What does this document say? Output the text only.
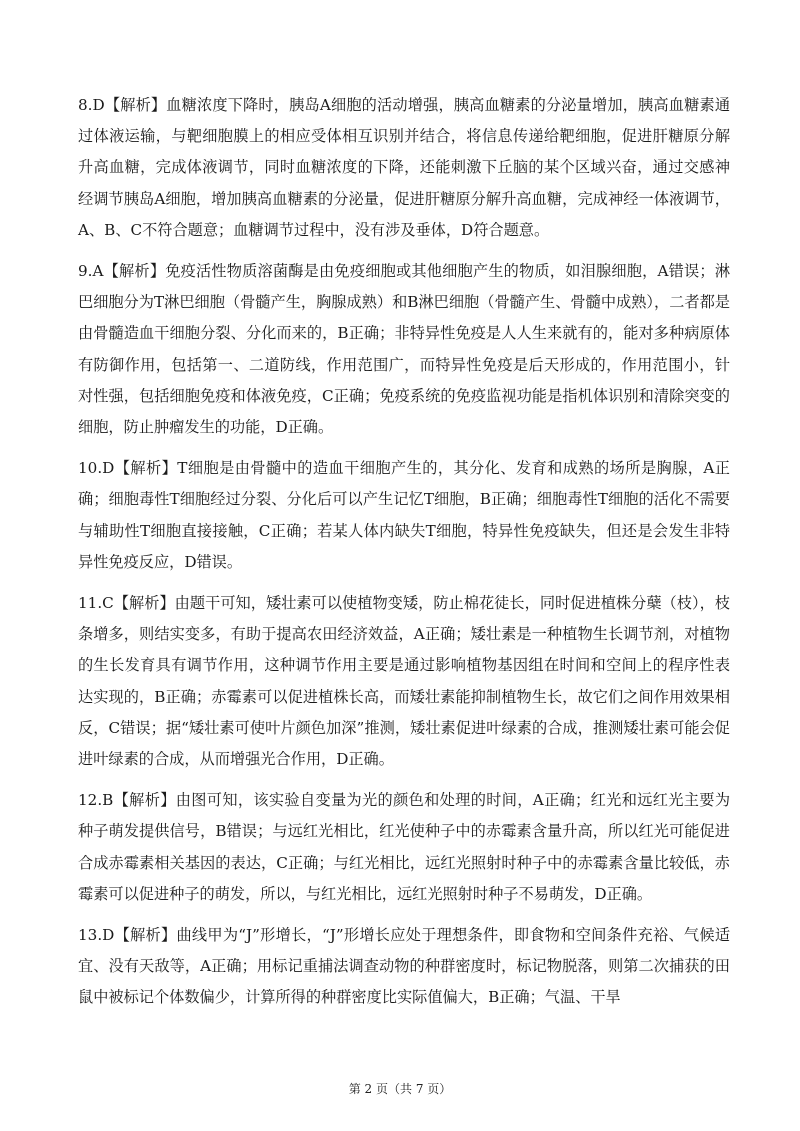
8.D【解析】血糖浓度下降时，胰岛A细胞的活动增强，胰高血糖素的分泌量增加，胰高血糖素通过体液运输，与靶细胞膜上的相应受体相互识别并结合，将信息传递给靶细胞，促进肝糖原分解升高血糖，完成体液调节，同时血糖浓度的下降，还能刺激下丘脑的某个区域兴奋，通过交感神经调节胰岛A细胞，增加胰高血糖素的分泌量，促进肝糖原分解升高血糖，完成神经一体液调节，A、B、C不符合题意；血糖调节过程中，没有涉及垂体，D符合题意。

9.A【解析】免疫活性物质溶菌酶是由免疫细胞或其他细胞产生的物质，如泪腺细胞，A错误；淋巴细胞分为T淋巴细胞（骨髓产生，胸腺成熟）和B淋巴细胞（骨髓产生、骨髓中成熟），二者都是由骨髓造血干细胞分裂、分化而来的，B正确；非特异性免疫是人人生来就有的，能对多种病原体有防御作用，包括第一、二道防线，作用范围广，而特异性免疫是后天形成的，作用范围小，针对性强，包括细胞免疫和体液免疫，C正确；免疫系统的免疫监视功能是指机体识别和清除突变的细胞，防止肿瘤发生的功能，D正确。

10.D【解析】T细胞是由骨髓中的造血干细胞产生的，其分化、发育和成熟的场所是胸腺，A正确；细胞毒性T细胞经过分裂、分化后可以产生记忆T细胞，B正确；细胞毒性T细胞的活化不需要与辅助性T细胞直接接触，C正确；若某人体内缺失T细胞，特异性免疫缺失，但还是会发生非特异性免疫反应，D错误。

11.C【解析】由题干可知，矮壮素可以使植物变矮，防止棉花徒长，同时促进植株分蘖（枝），枝条增多，则结实变多，有助于提高农田经济效益，A正确；矮壮素是一种植物生长调节剂，对植物的生长发育具有调节作用，这种调节作用主要是通过影响植物基因组在时间和空间上的程序性表达实现的，B正确；赤霉素可以促进植株长高，而矮壮素能抑制植物生长，故它们之间作用效果相反，C错误；据“矮壮素可使叶片颜色加深”推测，矮壮素促进叶绿素的合成，推测矮壮素可能会促进叶绿素的合成，从而增强光合作用，D正确。

12.B【解析】由图可知，该实验自变量为光的颜色和处理的时间，A正确；红光和远红光主要为种子萌发提供信号，B错误；与远红光相比，红光使种子中的赤霉素含量升高，所以红光可能促进合成赤霉素相关基因的表达，C正确；与红光相比，远红光照射时种子中的赤霉素含量比较低，赤霉素可以促进种子的萌发，所以，与红光相比，远红光照射时种子不易萌发，D正确。

13.D【解析】曲线甲为“J”形增长，“J”形增长应处于理想条件，即食物和空间条件充裕、气候适宜、没有天敌等，A正确；用标记重捕法调查动物的种群密度时，标记物脱落，则第二次捕获的田鼠中被标记个体数偏少，计算所得的种群密度比实际值偏大，B正确；气温、干旱

第 2 页（共 7 页）
